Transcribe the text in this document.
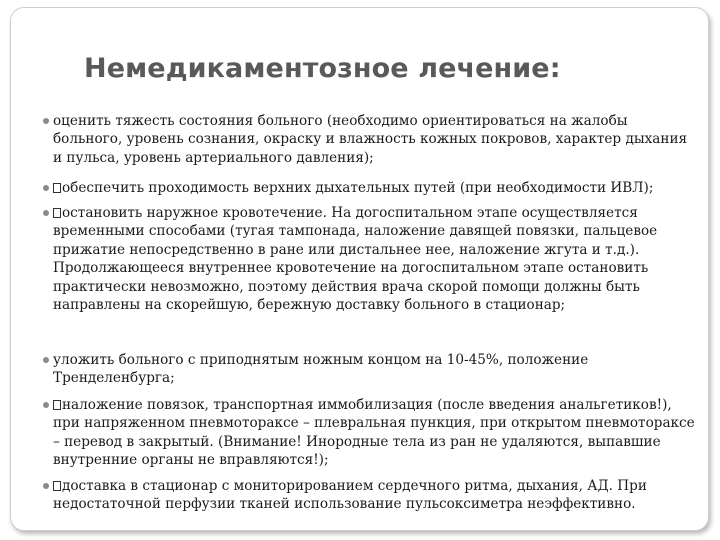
Немедикаментозное лечение:
оценить тяжесть состояния больного (необходимо ориентироваться на жалобы больного, уровень сознания, окраску и влажность кожных покровов, характер дыхания и пульса, уровень артериального давления);
обеспечить проходимость верхних дыхательных путей (при необходимости ИВЛ);
остановить наружное кровотечение. На догоспитальном этапе осуществляется временными способами (тугая тампонада, наложение давящей повязки, пальцевое прижатие непосредственно в ране или дистальнее нее, наложение жгута и т.д.). Продолжающееся внутреннее кровотечение на догоспитальном этапе остановить практически невозможно, поэтому действия врача скорой помощи должны быть направлены на скорейшую, бережную доставку больного в стационар;
уложить больного с приподнятым ножным концом на 10-45%, положение Тренделенбурга;
наложение повязок, транспортная иммобилизация (после введения анальгетиков!), при напряженном пневмотораксе – плевральная пункция, при открытом пневмотораксе – перевод в закрытый. (Внимание! Инородные тела из ран не удаляются, выпавшие внутренние органы не вправляются!);
доставка в стационар с мониторированием сердечного ритма, дыхания, АД. При недостаточной перфузии тканей использование пульсоксиметра неэффективно.
